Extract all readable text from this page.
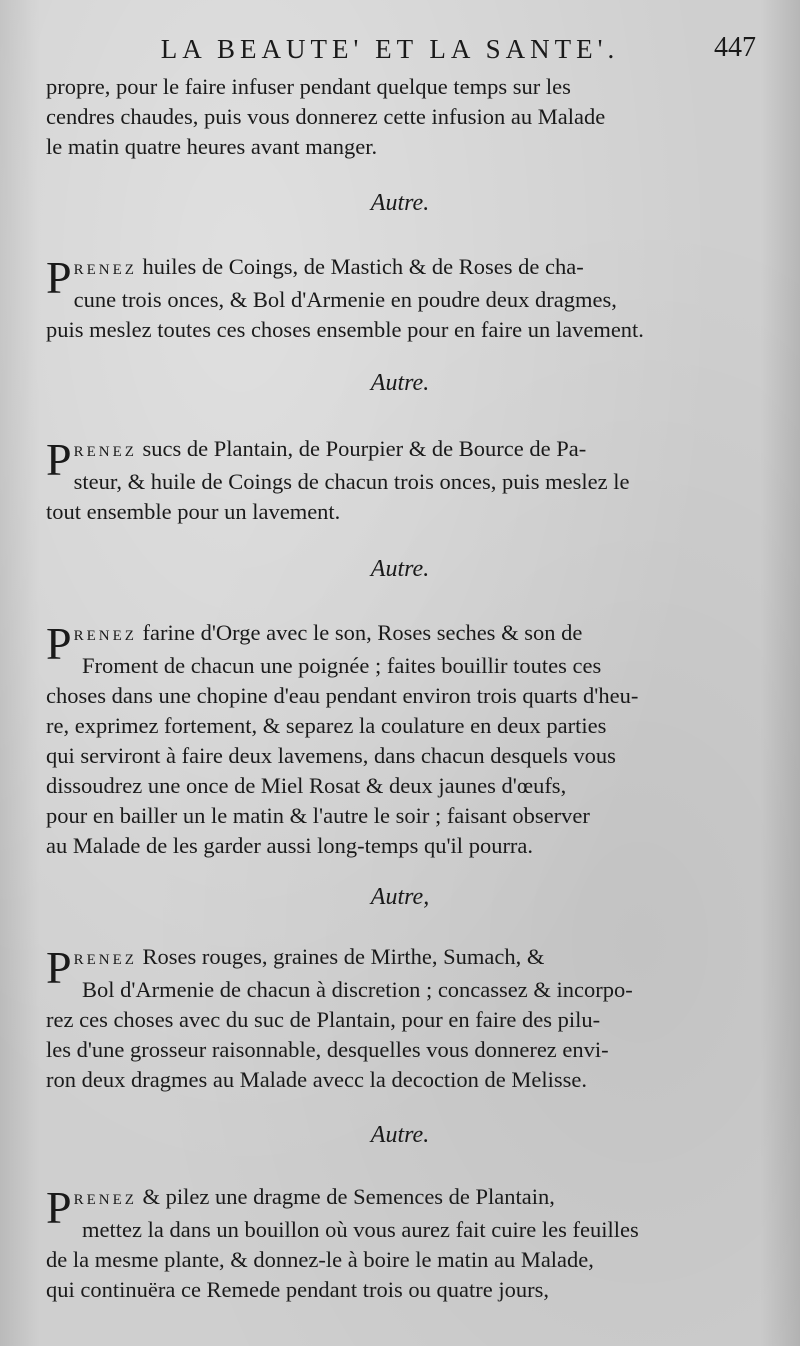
LA BEAUTE' ET LA SANTE'.	447
propre, pour le faire infuser pendant quelque temps sur les
cendres chaudes, puis vous donnerez cette infusion au Malade
le matin quatre heures avant manger.
Autre.
PRENEZ huiles de Coings, de Mastich & de Roses de cha-
cune trois onces, & Bol d'Armenie en poudre deux dragmes,
puis meslez toutes ces choses ensemble pour en faire un lavement.
Autre.
PRENEZ sucs de Plantain, de Pourpier & de Bource de Pa-
steur, & huile de Coings de chacun trois onces, puis meslez le
tout ensemble pour un lavement.
Autre.
PRENEZ farine d'Orge avec le son, Roses seches & son de
Froment de chacun une poignée ; faites bouillir toutes ces
choses dans une chopine d'eau pendant environ trois quarts d'heu-
re, exprimez fortement, & separez la coulature en deux parties
qui serviront à faire deux lavemens, dans chacun desquels vous
dissoudrez une once de Miel Rosat & deux jaunes d'œufs,
pour en bailler un le matin & l'autre le soir ; faisant observer
au Malade de les garder aussi long-temps qu'il pourra.
Autre,
PRENEZ Roses rouges, graines de Mirthe, Sumach, &
Bol d'Armenie de chacun à discretion ; concassez & incorpo-
rez ces choses avec du suc de Plantain, pour en faire des pilu-
les d'une grosseur raisonnable, desquelles vous donnerez envi-
ron deux dragmes au Malade avecc la decoction de Melisse.
Autre.
PRENEZ & pilez une dragme de Semences de Plantain,
mettez la dans un bouillon où vous aurez fait cuire les feuilles
de la mesme plante, & donnez-le à boire le matin au Malade,
qui continuëra ce Remede pendant trois ou quatre jours,
